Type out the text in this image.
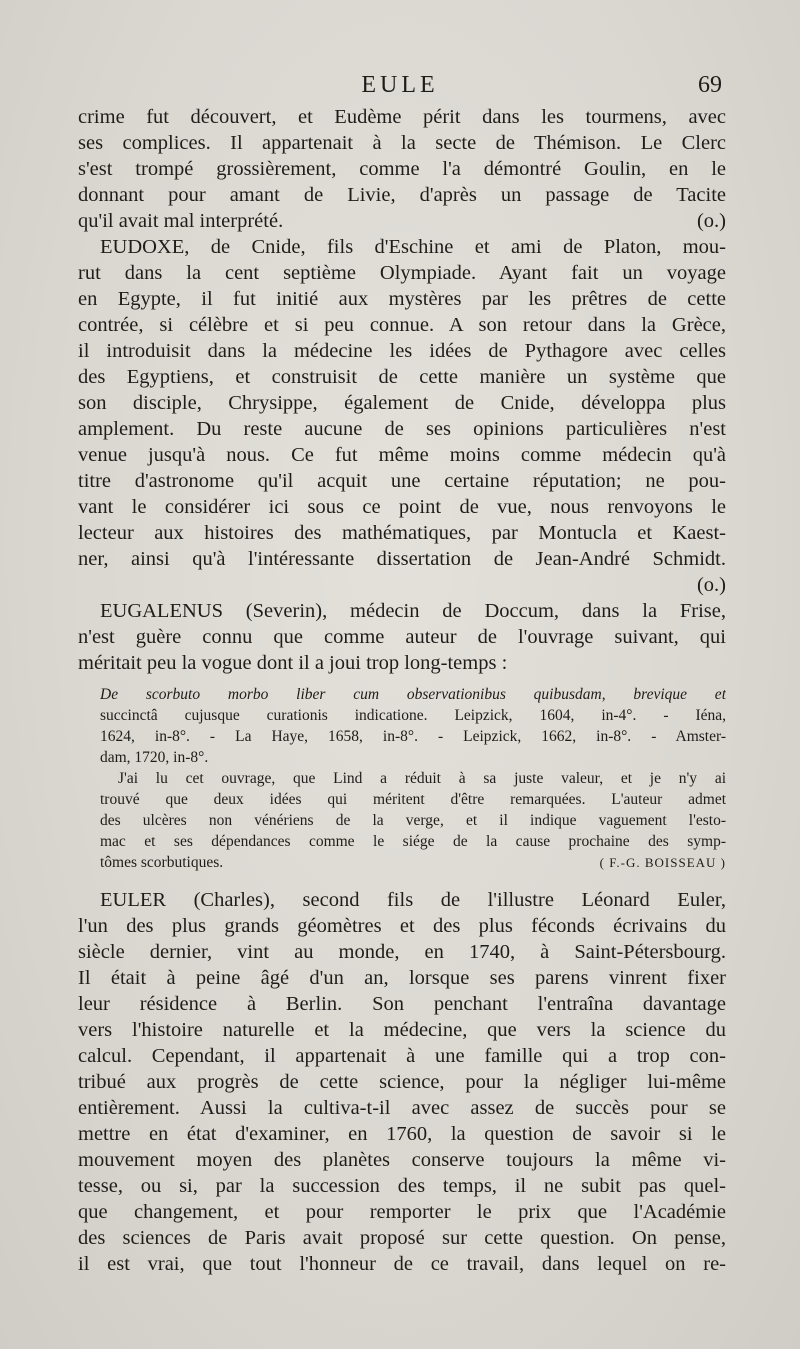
EULE	69
crime fut découvert, et Eudème périt dans les tourmens, avec
ses complices. Il appartenait à la secte de Thémison. Le Clerc
s'est trompé grossièrement, comme l'a démontré Goulin, en le
donnant pour amant de Livie, d'après un passage de Tacite
qu'il avait mal interprété.	(o.)
EUDOXE, de Cnide, fils d'Eschine et ami de Platon, mou-
rut dans la cent septième Olympiade. Ayant fait un voyage
en Egypte, il fut initié aux mystères par les prêtres de cette
contrée, si célèbre et si peu connue. A son retour dans la Grèce,
il introduisit dans la médecine les idées de Pythagore avec celles
des Egyptiens, et construisit de cette manière un système que
son disciple, Chrysippe, également de Cnide, développa plus
amplement. Du reste aucune de ses opinions particulières n'est
venue jusqu'à nous. Ce fut même moins comme médecin qu'à
titre d'astronome qu'il acquit une certaine réputation; ne pou-
vant le considérer ici sous ce point de vue, nous renvoyons le
lecteur aux histoires des mathématiques, par Montucla et Kaest-
ner, ainsi qu'à l'intéressante dissertation de Jean-André Schmidt.
(o.)
EUGALENUS (Severin), médecin de Doccum, dans la Frise,
n'est guère connu que comme auteur de l'ouvrage suivant, qui
méritait peu la vogue dont il a joui trop long-temps :
De scorbuto morbo liber cum observationibus quibusdam, brevique et
succinctâ cujusque curationis indicatione. Leipzick, 1604, in-4°. - Iéna,
1624, in-8°. - La Haye, 1658, in-8°. - Leipzick, 1662, in-8°. - Amster-
dam, 1720, in-8°.
J'ai lu cet ouvrage, que Lind a réduit à sa juste valeur, et je n'y ai
trouvé que deux idées qui méritent d'être remarquées. L'auteur admet
des ulcères non vénériens de la verge, et il indique vaguement l'esto-
mac et ses dépendances comme le siége de la cause prochaine des symp-
tômes scorbutiques.	( F.-G. BOISSEAU )
EULER (Charles), second fils de l'illustre Léonard Euler,
l'un des plus grands géomètres et des plus féconds écrivains du
siècle dernier, vint au monde, en 1740, à Saint-Pétersbourg.
Il était à peine âgé d'un an, lorsque ses parens vinrent fixer
leur résidence à Berlin. Son penchant l'entraîna davantage
vers l'histoire naturelle et la médecine, que vers la science du
calcul. Cependant, il appartenait à une famille qui a trop con-
tribué aux progrès de cette science, pour la négliger lui-même
entièrement. Aussi la cultiva-t-il avec assez de succès pour se
mettre en état d'examiner, en 1760, la question de savoir si le
mouvement moyen des planètes conserve toujours la même vi-
tesse, ou si, par la succession des temps, il ne subit pas quel-
que changement, et pour remporter le prix que l'Académie
des sciences de Paris avait proposé sur cette question. On pense,
il est vrai, que tout l'honneur de ce travail, dans lequel on re-
